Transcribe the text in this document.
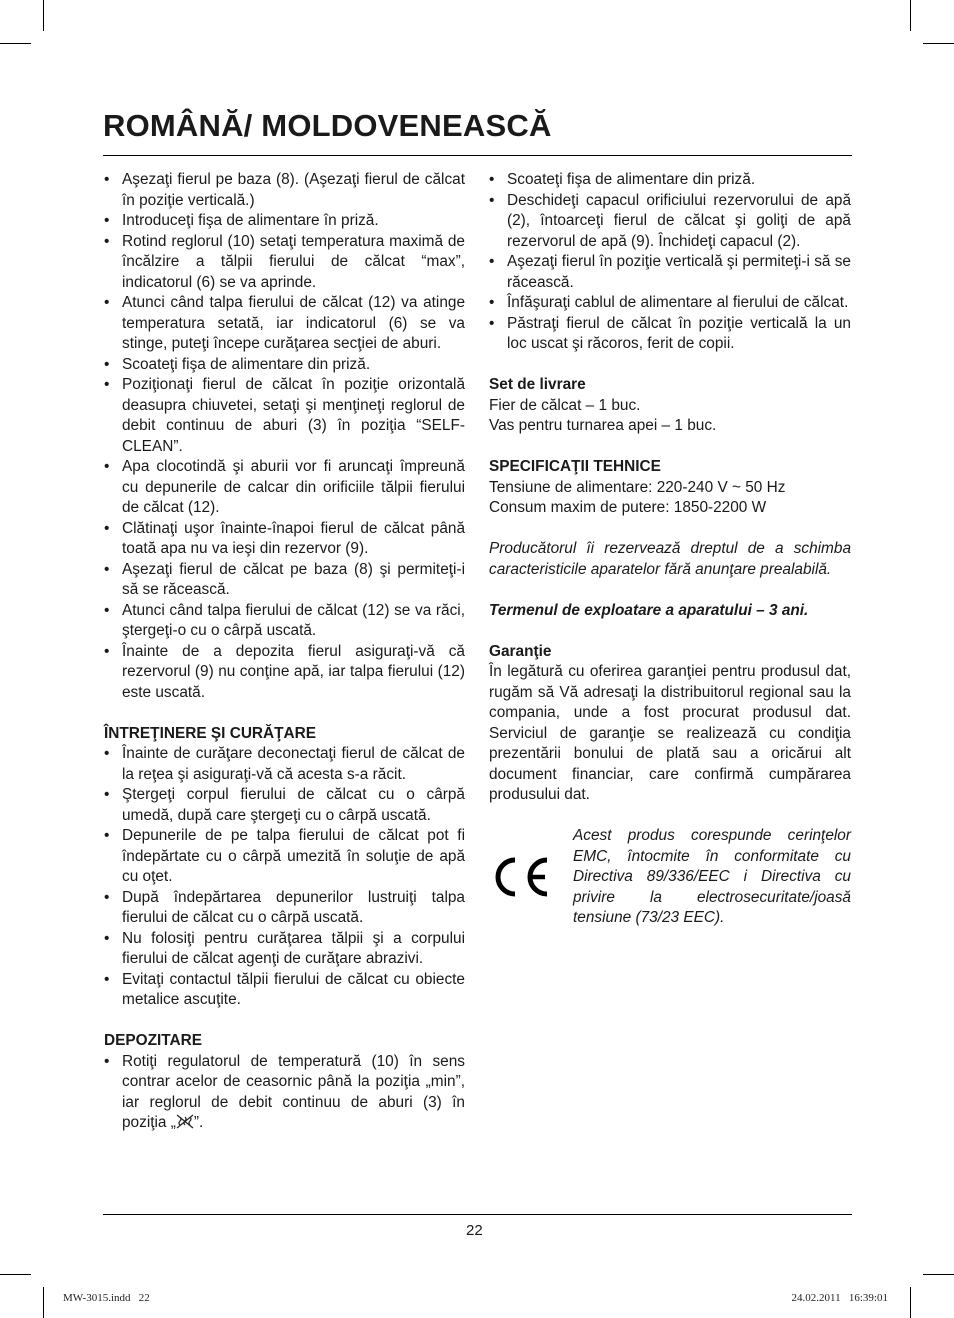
ROMÂNĂ/ MOLDOVENEASCĂ
• Aşezaţi fierul pe baza (8). (Aşezaţi fierul de călcat în poziţie verticală.)
• Introduceţi fişa de alimentare în priză.
• Rotind reglorul (10) setaţi temperatura maximă de încălzire a tălpii fierului de călcat “max”, indicatorul (6) se va aprinde.
• Atunci când talpa fierului de călcat (12) va atinge temperatura setată, iar indicatorul (6) se va stinge, puteţi începe curăţarea secţiei de aburi.
• Scoateţi fişa de alimentare din priză.
• Poziţionaţi fierul de călcat în poziţie orizontală deasupra chiuvetei, setaţi şi menţineţi reglorul de debit continuu de aburi (3) în poziţia “SELF-CLEAN”.
• Apa clocotindă şi aburii vor fi aruncaţi împreună cu depunerile de calcar din orificiile tălpii fierului de călcat (12).
• Clătinaţi uşor înainte-înapoi fierul de călcat până toată apa nu va ieşi din rezervor (9).
• Aşezaţi fierul de călcat pe baza (8) şi permiteţi-i să se răcească.
• Atunci când talpa fierului de călcat (12) se va răci, ştergeţi-o cu o cârpă uscată.
• Înainte de a depozita fierul asiguraţi-vă că rezervorul (9) nu conţine apă, iar talpa fierului (12) este uscată.
ÎNTREŢINERE ŞI CURĂŢARE
• Înainte de curăţare deconectaţi fierul de călcat de la reţea şi asiguraţi-vă că acesta s-a răcit.
• Ştergeţi corpul fierului de călcat cu o cârpă umedă, după care ştergeţi cu o cârpă uscată.
• Depunerile de pe talpa fierului de călcat pot fi îndepărtate cu o cârpă umezită în soluţie de apă cu oţet.
• După îndepărtarea depunerilor lustruiţi talpa fierului de călcat cu o cârpă uscată.
• Nu folosiţi pentru curăţarea tălpii şi a corpului fierului de călcat agenţi de curăţare abrazivi.
• Evitaţi contactul tălpii fierului de călcat cu obiecte metalice ascuţite.
DEPOZITARE
• Rotiţi regulatorul de temperatură (10) în sens contrar acelor de ceasornic până la poziţia „min”, iar reglorul de debit continuu de aburi (3) în poziţia „ ”.
• Scoateţi fişa de alimentare din priză.
• Deschideţi capacul orificiului rezervorului de apă (2), întoarceţi fierul de călcat şi goliţi de apă rezervorul de apă (9). Închideţi capacul (2).
• Aşezaţi fierul în poziţie verticală şi permiteţi-i să se răcească.
• Înfăşuraţi cablul de alimentare al fierului de călcat.
• Păstraţi fierul de călcat în poziţie verticală la un loc uscat şi răcoros, ferit de copii.
Set de livrare

Fier de călcat – 1 buc.

Vas pentru turnarea apei – 1 buc.

SPECIFICAŢII TEHNICE

Tensiune de alimentare: 220-240 V ~ 50 Hz

Consum maxim de putere: 1850-2200 W

Producătorul îi rezervează dreptul de a schimba caracteristicile aparatelor fără anunţare prealabilă.

Termenul de exploatare a aparatului – 3 ani.

Garanţie

În legătură cu oferirea garanţiei pentru produsul dat, rugăm să Vă adresaţi la distribuitorul regional sau la compania, unde a fost procurat produsul dat. Serviciul de garanţie se realizează cu condiţia prezentării bonului de plată sau a oricărui alt document financiar, care confirmă cumpărarea produsului dat.

Acest produs corespunde cerinţelor EMC, întocmite în conformitate cu Directiva 89/336/EEC i Directiva cu privire la electrosecuritate/joasă tensiune (73/23 EEC).
22
MW-3015.indd   22	24.02.2011   16:39:01
